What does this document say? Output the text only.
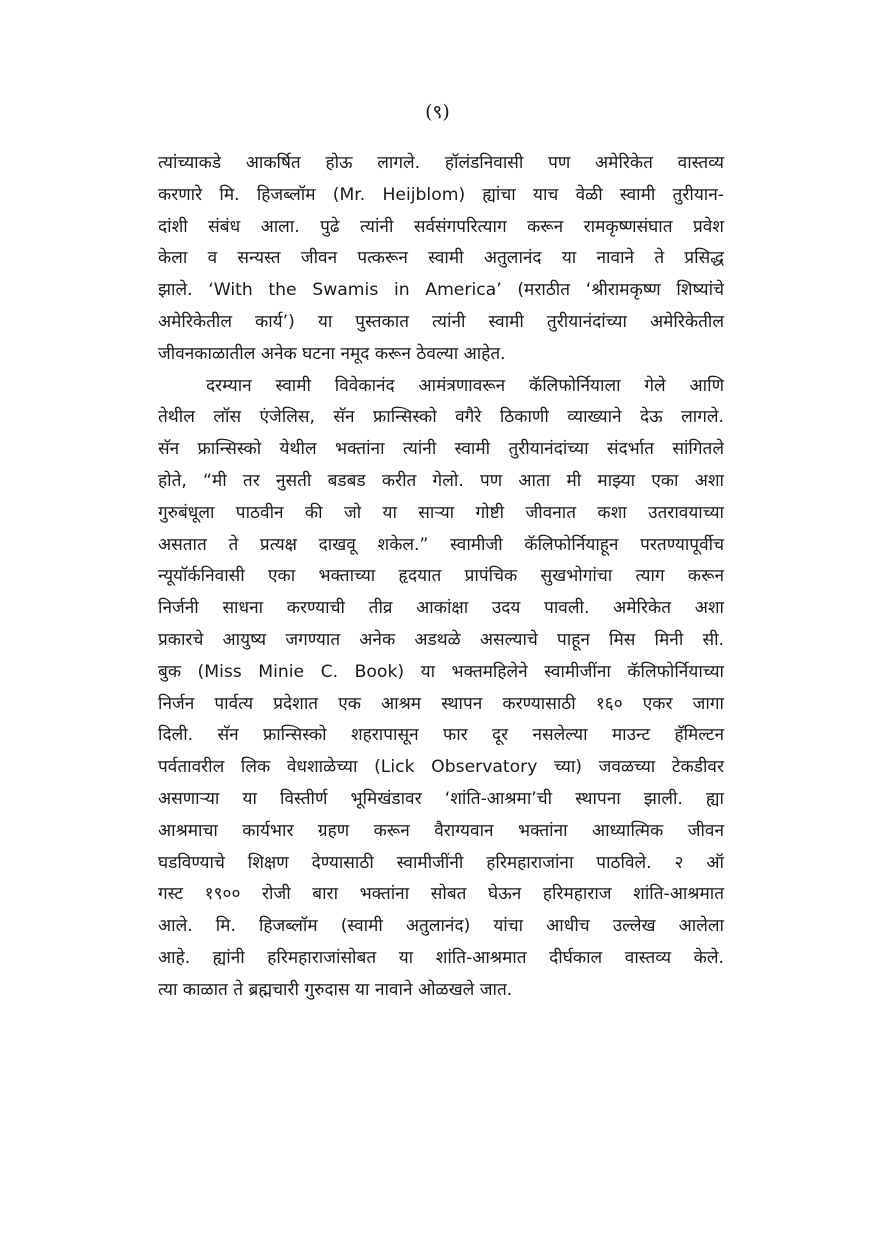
(९)
त्यांच्याकडे आकर्षित होऊ लागले. हॉलंडनिवासी पण अमेरिकेत वास्तव्य
करणारे मि. हिजब्लॉम (Mr. Heijblom) ह्यांचा याच वेळी स्वामी तुरीयान-
दांशी संबंध आला. पुढे त्यांनी सर्वसंगपरित्याग करून रामकृष्णसंघात प्रवेश
केला व सन्यस्त जीवन पत्करून स्वामी अतुलानंद या नावाने ते प्रसिद्ध
झाले. ‘With the Swamis in America’ (मराठीत ‘श्रीरामकृष्ण शिष्यांचे
अमेरिकेतील कार्य’) या पुस्तकात त्यांनी स्वामी तुरीयानंदांच्या अमेरिकेतील
जीवनकाळातील अनेक घटना नमूद करून ठेवल्या आहेत.
दरम्यान स्वामी विवेकानंद आमंत्रणावरून कॅलिफोर्नियाला गेले आणि
तेथील लॉस एंजेलिस, सॅन फ्रान्सिस्को वगैरे ठिकाणी व्याख्याने देऊ लागले.
सॅन फ्रान्सिस्को येथील भक्तांना त्यांनी स्वामी तुरीयानंदांच्या संदर्भात सांगितले
होते, “मी तर नुसती बडबड करीत गेलो. पण आता मी माझ्या एका अशा
गुरुबंधूला पाठवीन की जो या साऱ्या गोष्टी जीवनात कशा उतरावयाच्या
असतात ते प्रत्यक्ष दाखवू शकेल.” स्वामीजी कॅलिफोर्नियाहून परतण्यापूर्वीच
न्यूयॉर्कनिवासी एका भक्ताच्या हृदयात प्रापंचिक सुखभोगांचा त्याग करून
निर्जनी साधना करण्याची तीव्र आकांक्षा उदय पावली. अमेरिकेत अशा
प्रकारचे आयुष्य जगण्यात अनेक अडथळे असल्याचे पाहून मिस मिनी सी.
बुक (Miss Minie C. Book) या भक्तमहिलेने स्वामीजींना कॅलिफोर्नियाच्या
निर्जन पार्वत्य प्रदेशात एक आश्रम स्थापन करण्यासाठी १६० एकर जागा
दिली. सॅन फ्रान्सिस्को शहरापासून फार दूर नसलेल्या माउन्ट हॅमिल्टन
पर्वतावरील लिक वेधशाळेच्या (Lick Observatory च्या) जवळच्या टेकडीवर
असणाऱ्या या विस्तीर्ण भूमिखंडावर ‘शांति-आश्रमा’ची स्थापना झाली. ह्या
आश्रमाचा कार्यभार ग्रहण करून वैराग्यवान भक्तांना आध्यात्मिक जीवन
घडविण्याचे शिक्षण देण्यासाठी स्वामीजींनी हरिमहाराजांना पाठविले. २ ऑ
गस्ट १९०० रोजी बारा भक्तांना सोबत घेऊन हरिमहाराज शांति-आश्रमात
आले. मि. हिजब्लॉम (स्वामी अतुलानंद) यांचा आधीच उल्लेख आलेला
आहे. ह्यांनी हरिमहाराजांसोबत या शांति-आश्रमात दीर्घकाल वास्तव्य केले.
त्या काळात ते ब्रह्मचारी गुरुदास या नावाने ओळखले जात.
